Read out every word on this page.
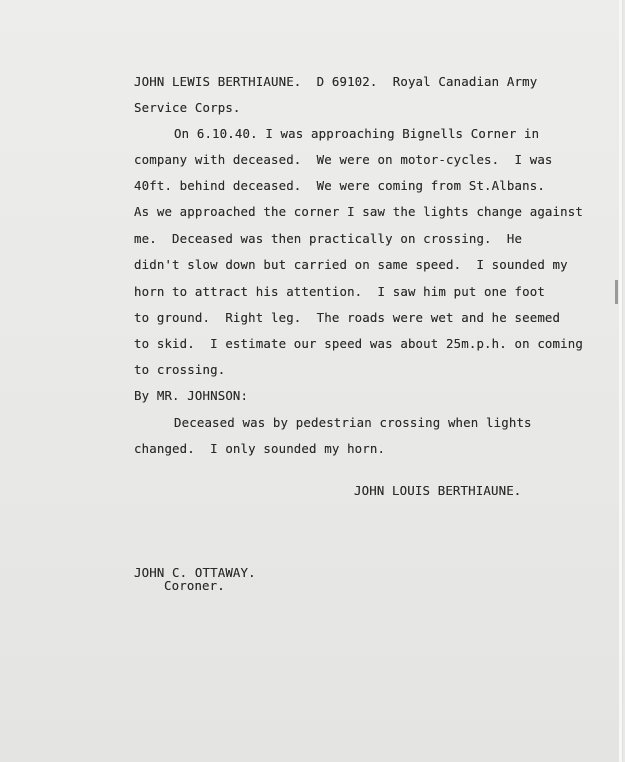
JOHN LEWIS BERTHIAUNE.  D 69102.  Royal Canadian Army
Service Corps.
On 6.10.40. I was approaching Bignells Corner in
company with deceased.  We were on motor-cycles.  I was
40ft. behind deceased.  We were coming from St.Albans.
As we approached the corner I saw the lights change against
me.  Deceased was then practically on crossing.  He
didn't slow down but carried on same speed.  I sounded my
horn to attract his attention.  I saw him put one foot
to ground.  Right leg.  The roads were wet and he seemed
to skid.  I estimate our speed was about 25m.p.h. on coming
to crossing.
By MR. JOHNSON:
Deceased was by pedestrian crossing when lights
changed.  I only sounded my horn.
JOHN LOUIS BERTHIAUNE.
JOHN C. OTTAWAY.
Coroner.
